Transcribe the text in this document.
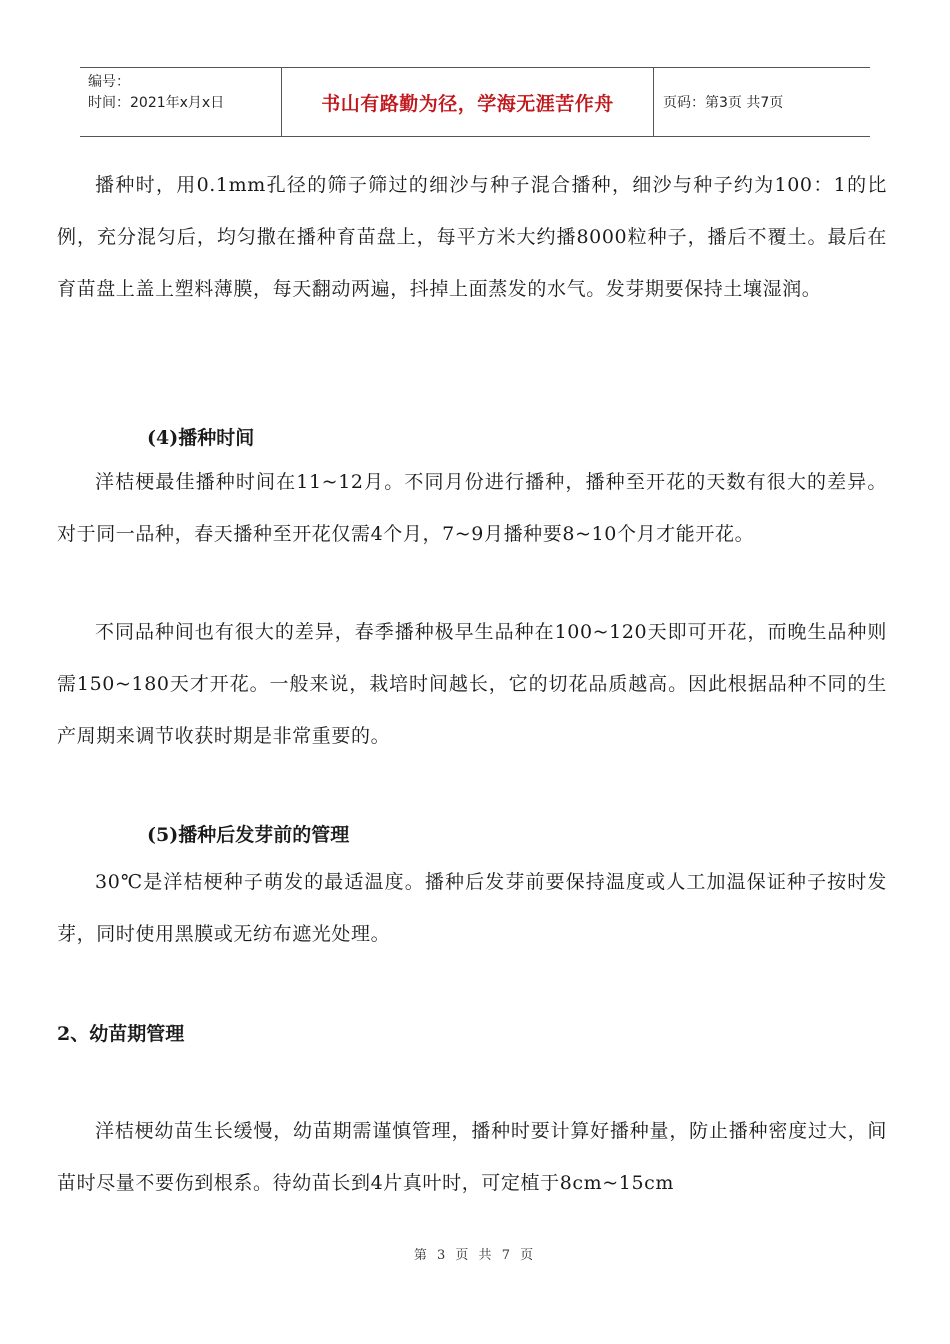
编号：
时间：2021年x月x日	书山有路勤为径，学海无涯苦作舟	页码：第3页 共7页

播种时，用0.1mm孔径的筛子筛过的细沙与种子混合播种，细沙与种子约为100：1的比例，充分混匀后，均匀撒在播种育苗盘上，每平方米大约播8000粒种子，播后不覆土。最后在育苗盘上盖上塑料薄膜，每天翻动两遍，抖掉上面蒸发的水气。发芽期要保持土壤湿润。

(4)播种时间

洋桔梗最佳播种时间在11~12月。不同月份进行播种，播种至开花的天数有很大的差异。对于同一品种，春天播种至开花仅需4个月，7~9月播种要8~10个月才能开花。

不同品种间也有很大的差异，春季播种极早生品种在100~120天即可开花，而晚生品种则需150~180天才开花。一般来说，栽培时间越长，它的切花品质越高。因此根据品种不同的生产周期来调节收获时期是非常重要的。

(5)播种后发芽前的管理

30℃是洋桔梗种子萌发的最适温度。播种后发芽前要保持温度或人工加温保证种子按时发芽，同时使用黑膜或无纺布遮光处理。

2、幼苗期管理

洋桔梗幼苗生长缓慢，幼苗期需谨慎管理，播种时要计算好播种量，防止播种密度过大，间苗时尽量不要伤到根系。待幼苗长到4片真叶时，可定植于8cm~15cm

第 3 页 共 7 页
